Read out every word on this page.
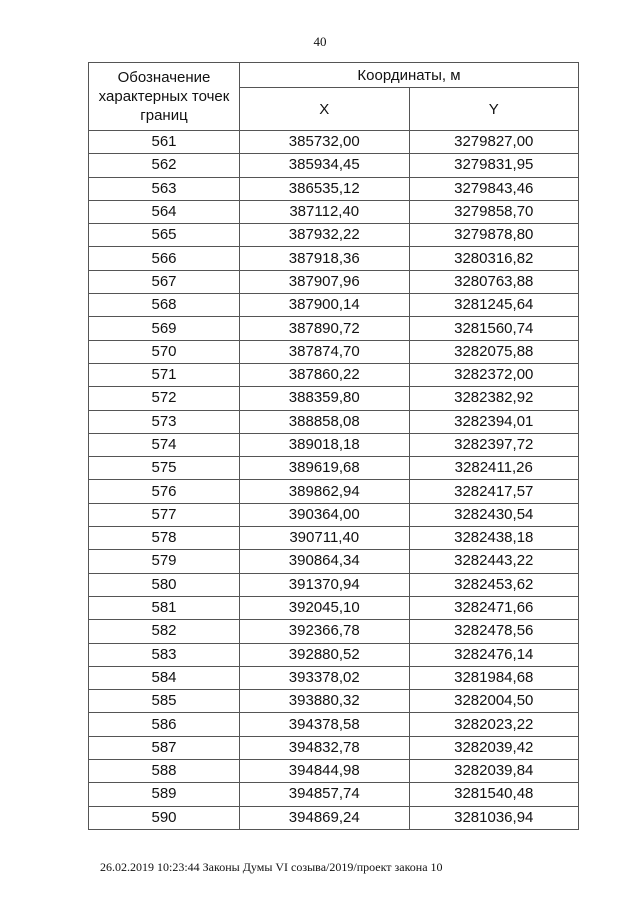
40
Обозначение характерных точек границ	Координаты, м	
	X	Y
561	385732,00	3279827,00
562	385934,45	3279831,95
563	386535,12	3279843,46
564	387112,40	3279858,70
565	387932,22	3279878,80
566	387918,36	3280316,82
567	387907,96	3280763,88
568	387900,14	3281245,64
569	387890,72	3281560,74
570	387874,70	3282075,88
571	387860,22	3282372,00
572	388359,80	3282382,92
573	388858,08	3282394,01
574	389018,18	3282397,72
575	389619,68	3282411,26
576	389862,94	3282417,57
577	390364,00	3282430,54
578	390711,40	3282438,18
579	390864,34	3282443,22
580	391370,94	3282453,62
581	392045,10	3282471,66
582	392366,78	3282478,56
583	392880,52	3282476,14
584	393378,02	3281984,68
585	393880,32	3282004,50
586	394378,58	3282023,22
587	394832,78	3282039,42
588	394844,98	3282039,84
589	394857,74	3281540,48
590	394869,24	3281036,94
26.02.2019 10:23:44 Законы Думы VI созыва/2019/проект закона 10
